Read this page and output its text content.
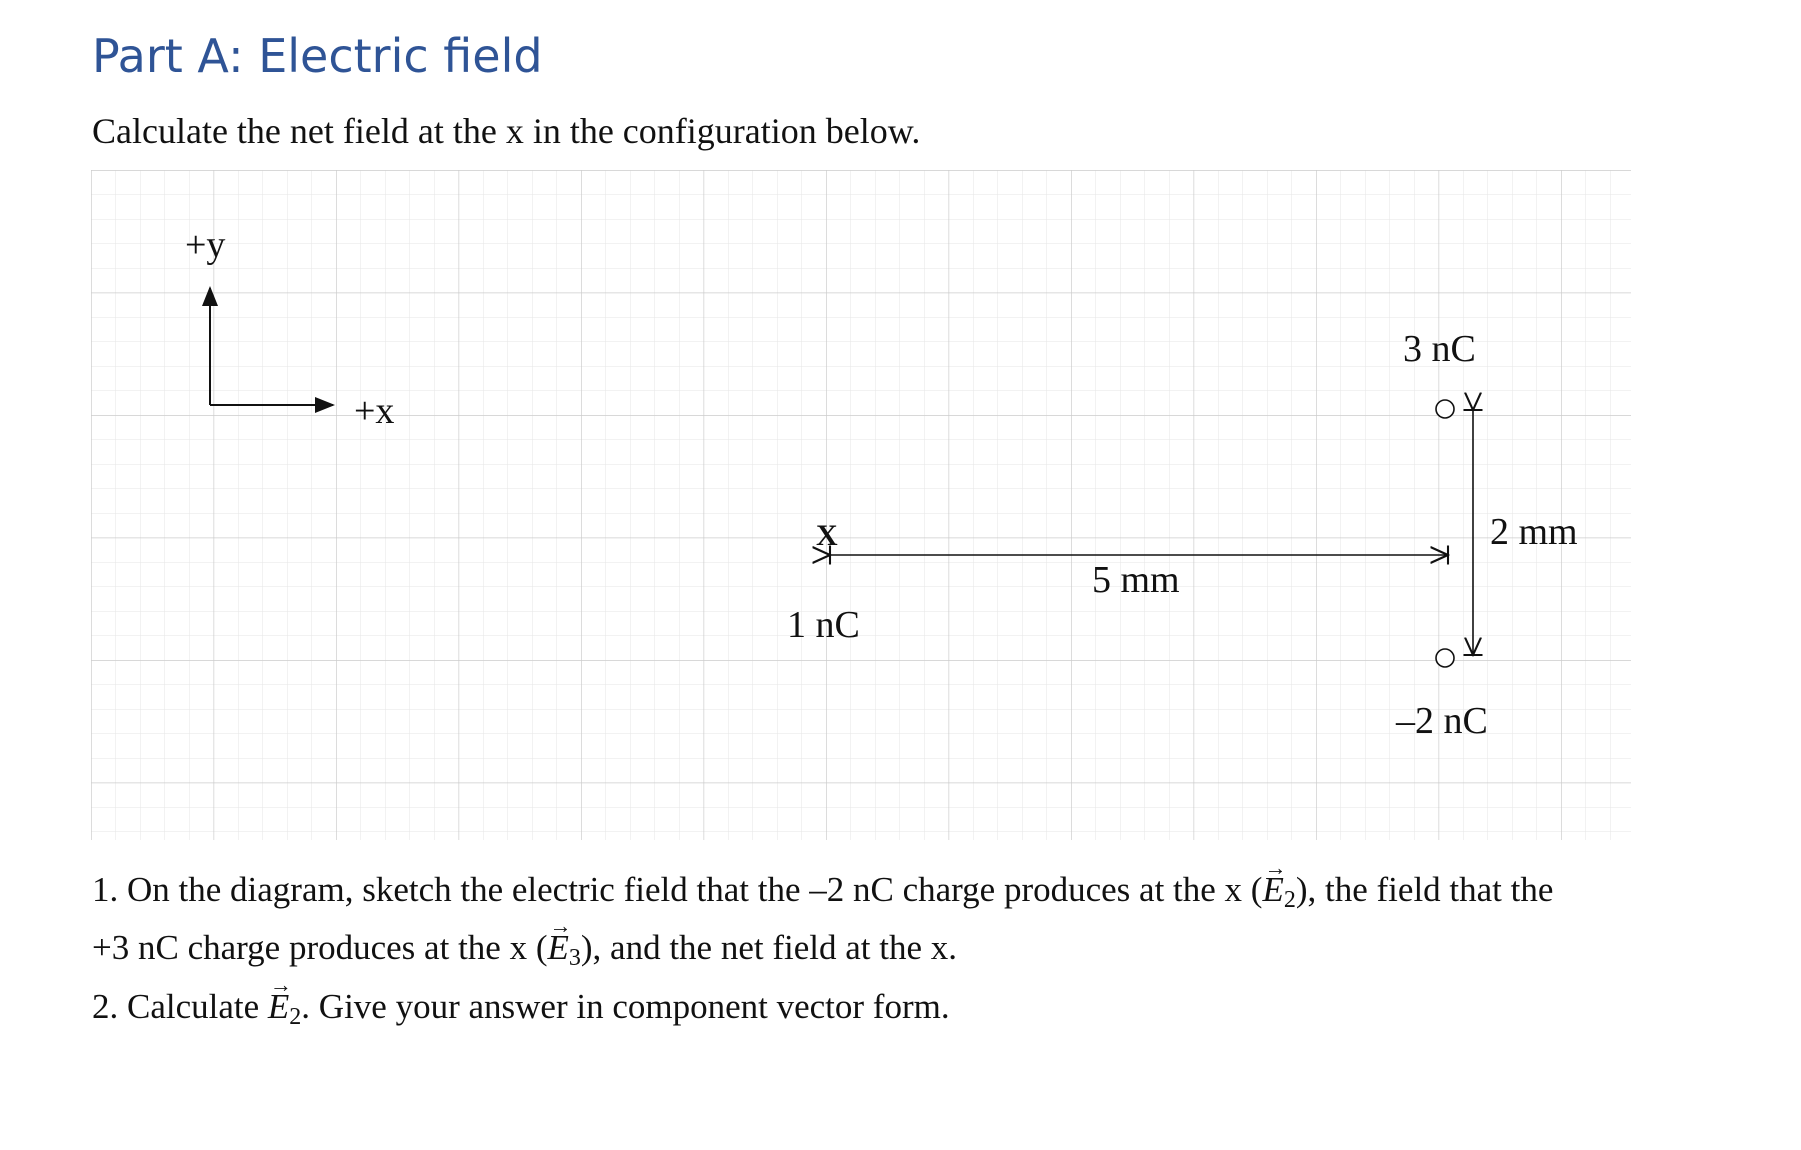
Part A: Electric field

Calculate the net field at the x in the configuration below.

+y
+x
X
1 nC
5 mm
3 nC
–2 nC
2 mm

1. On the diagram, sketch the electric field that the –2 nC charge produces at the x (→ $E_2$), the field that the
+3 nC charge produces at the x (→ $E_3$), and the net field at the x.

2. Calculate → $E_2$. Give your answer in component vector form.
